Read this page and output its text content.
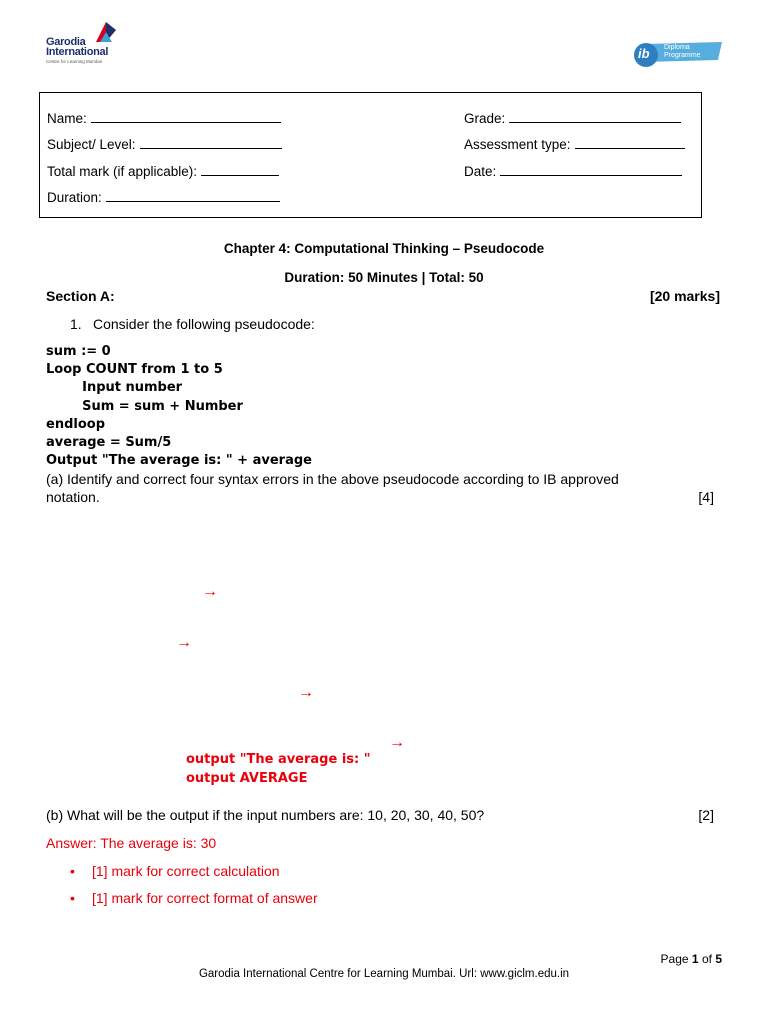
Garodia
International
Centre for Learning Mumbai
ib Diploma
Programme
Name:
Subject/ Level:
Total mark (if applicable):
Duration:
Grade:
Assessment type:
Date:
Chapter 4: Computational Thinking – Pseudocode
Duration: 50 Minutes | Total: 50
Section A:	[20 marks]
1. Consider the following pseudocode:
sum := 0
Loop COUNT from 1 to 5
Input number
Sum = sum + Number
endloop
average = Sum/5
Output "The average is: " + average
(a) Identify and correct four syntax errors in the above pseudocode according to IB approved
notation.	[4]
→
→
→
→
output "The average is: "
output AVERAGE
(b) What will be the output if the input numbers are: 10, 20, 30, 40, 50?	[2]
Answer: The average is: 30
• [1] mark for correct calculation
• [1] mark for correct format of answer
Page 1 of 5
Garodia International Centre for Learning Mumbai. Url: www.giclm.edu.in
